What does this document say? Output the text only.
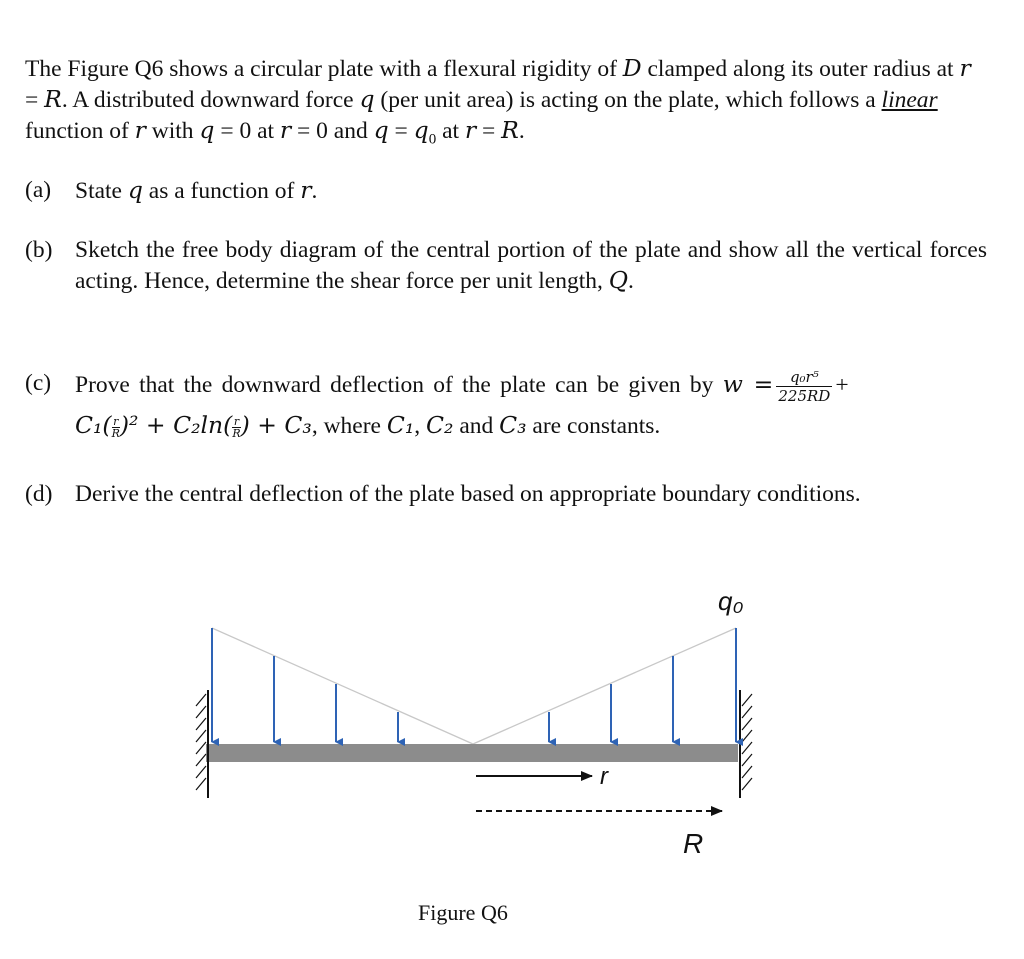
The Figure Q6 shows a circular plate with a flexural rigidity of D clamped along its outer radius at r = R. A distributed downward force q (per unit area) is acting on the plate, which follows a linear function of r with q = 0 at r = 0 and $q = q_0$ at r = R.
(a) State q as a function of r.
(b) Sketch the free body diagram of the central portion of the plate and show all the vertical forces acting. Hence, determine the shear force per unit length, Q.
(c) Prove that the downward deflection of the plate can be given by $w = \frac{\text{q₀r⁵}}{225RD}$ +
$C_1( \frac{r}{R})^2 + C_2\ln( \frac{r}{R}) + C_3$, where C₁, C₂ and C₃ are constants.
(d) Derive the central deflection of the plate based on appropriate boundary conditions.
q₀
r
R
Figure Q6
